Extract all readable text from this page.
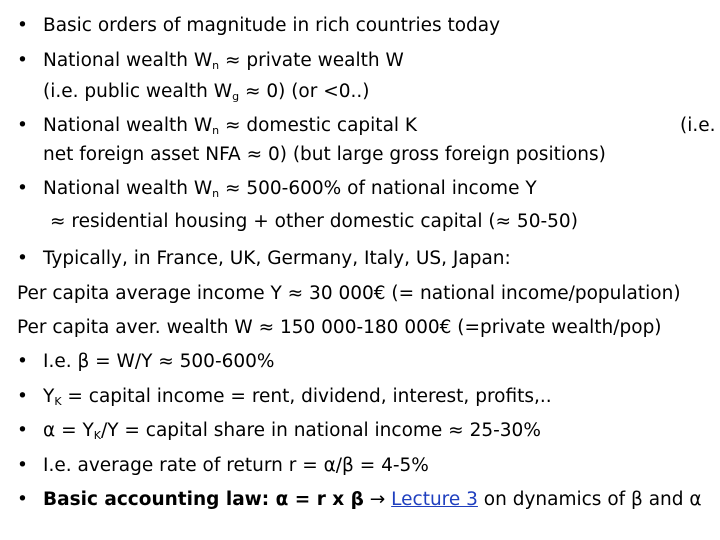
• Basic orders of magnitude in rich countries today
• National wealth $W_n$ ≈ private wealth W
(i.e. public wealth $W_g \approx 0$) (or <0..)
• National wealth $W_n$ ≈ domestic capital K	(i.e.
net foreign asset NFA ≈ 0) (but large gross foreign positions)
• National wealth $W_n \approx 500-600\%$ of national income Y
≈ residential housing + other domestic capital (≈ 50-50)
• Typically, in France, UK, Germany, Italy, US, Japan:
Per capita average income Y ≈ 30 000€ (= national income/population)
Per capita aver. wealth W ≈ 150 000-180 000€ (=private wealth/pop)
• I.e. β = W/Y ≈ 500-600%
• $Y_K$ = capital income = rent, dividend, interest, profits,..
• $\alpha = Y_K/Y$ = capital share in national income ≈ 25-30%
• I.e. average rate of return r = α/β = 4-5%
• Basic accounting law: α = r x β → Lecture 3 on dynamics of β and α
